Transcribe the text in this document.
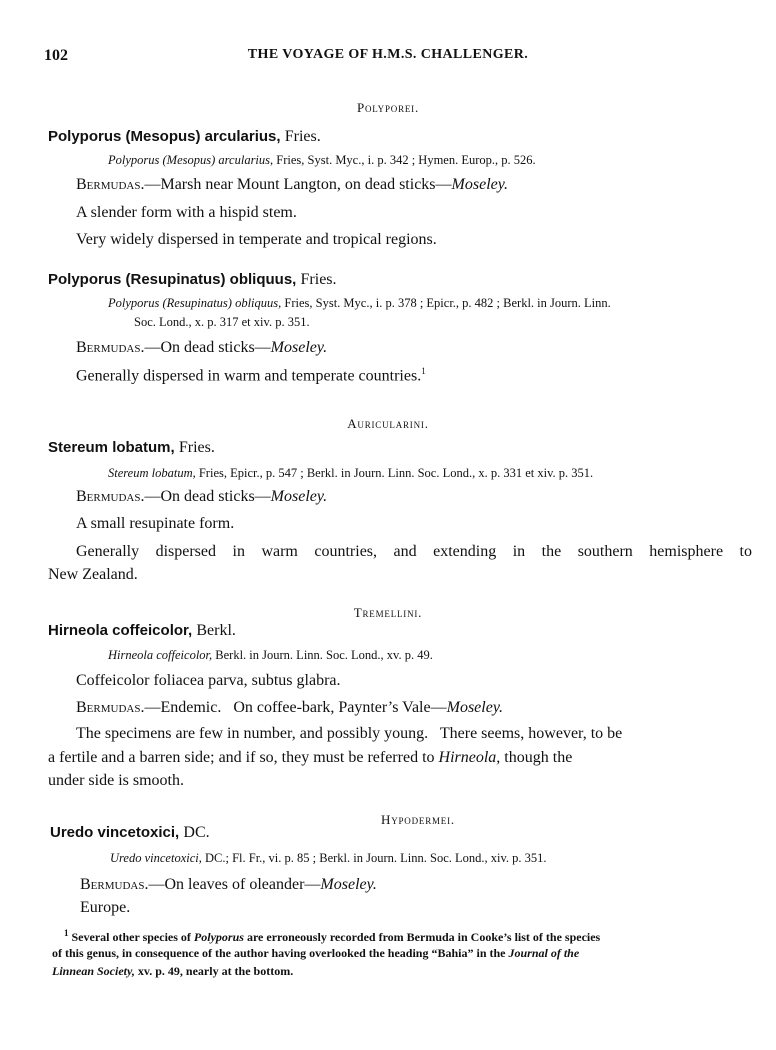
102	THE VOYAGE OF H.M.S. CHALLENGER.
Polyporei.
Polyporus (Mesopus) arcularius, Fries.
Polyporus (Mesopus) arcularius, Fries, Syst. Myc., i. p. 342 ; Hymen. Europ., p. 526.
Bermudas.—Marsh near Mount Langton, on dead sticks—Moseley.
A slender form with a hispid stem.
Very widely dispersed in temperate and tropical regions.
Polyporus (Resupinatus) obliquus, Fries.
Polyporus (Resupinatus) obliquus, Fries, Syst. Myc., i. p. 378 ; Epicr., p. 482 ; Berkl. in Journ. Linn.
Soc. Lond., x. p. 317 et xiv. p. 351.
Bermudas.—On dead sticks—Moseley.
Generally dispersed in warm and temperate countries.$^1$
Auricularini.
Stereum lobatum, Fries.
Stereum lobatum, Fries, Epicr., p. 547 ; Berkl. in Journ. Linn. Soc. Lond., x. p. 331 et xiv. p. 351.
Bermudas.—On dead sticks—Moseley.
A small resupinate form.
Generally dispersed in warm countries, and extending in the southern hemisphere to
New Zealand.
Tremellini.
Hirneola coffeicolor, Berkl.
Hirneola coffeicolor, Berkl. in Journ. Linn. Soc. Lond., xv. p. 49.
Coffeicolor foliacea parva, subtus glabra.
Bermudas.—Endemic.   On coffee-bark, Paynter’s Vale—Moseley.
The specimens are few in number, and possibly young.   There seems, however, to be
a fertile and a barren side; and if so, they must be referred to Hirneola, though the
under side is smooth.
Hypodermei.
Uredo vincetoxici, DC.
Uredo vincetoxici, DC.; Fl. Fr., vi. p. 85 ; Berkl. in Journ. Linn. Soc. Lond., xiv. p. 351.
Bermudas.—On leaves of oleander—Moseley.
Europe.
$^1$ Several other species of Polyporus are erroneously recorded from Bermuda in Cooke’s list of the species
of this genus, in consequence of the author having overlooked the heading “Bahia” in the Journal of the
Linnean Society, xv. p. 49, nearly at the bottom.
